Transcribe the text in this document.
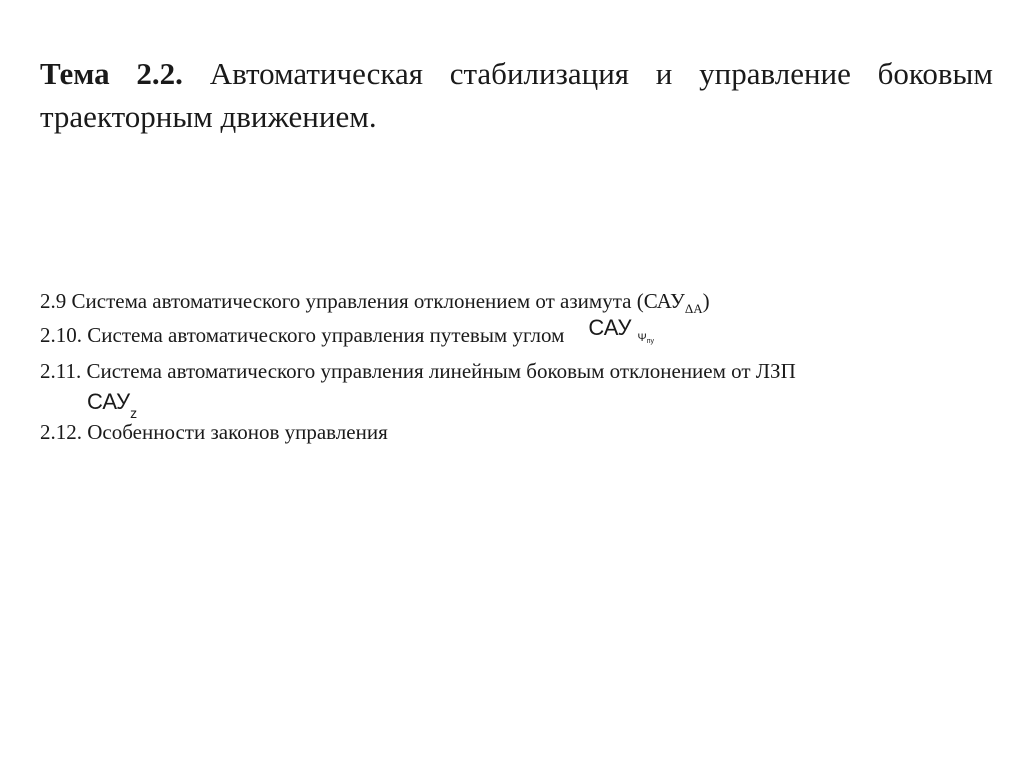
Тема 2.2. Автоматическая стабилизация и управление боковым траекторным движением.
2.9 Система автоматического управления отклонением от азимута $(САУ_{\Delta A})$
2.10. Система автоматического управления путевым углом САУ $_{\Psi пу}$
2.11. Система автоматического управления линейным боковым отклонением от ЛЗП
$САУ_z$
2.12. Особенности законов управления
